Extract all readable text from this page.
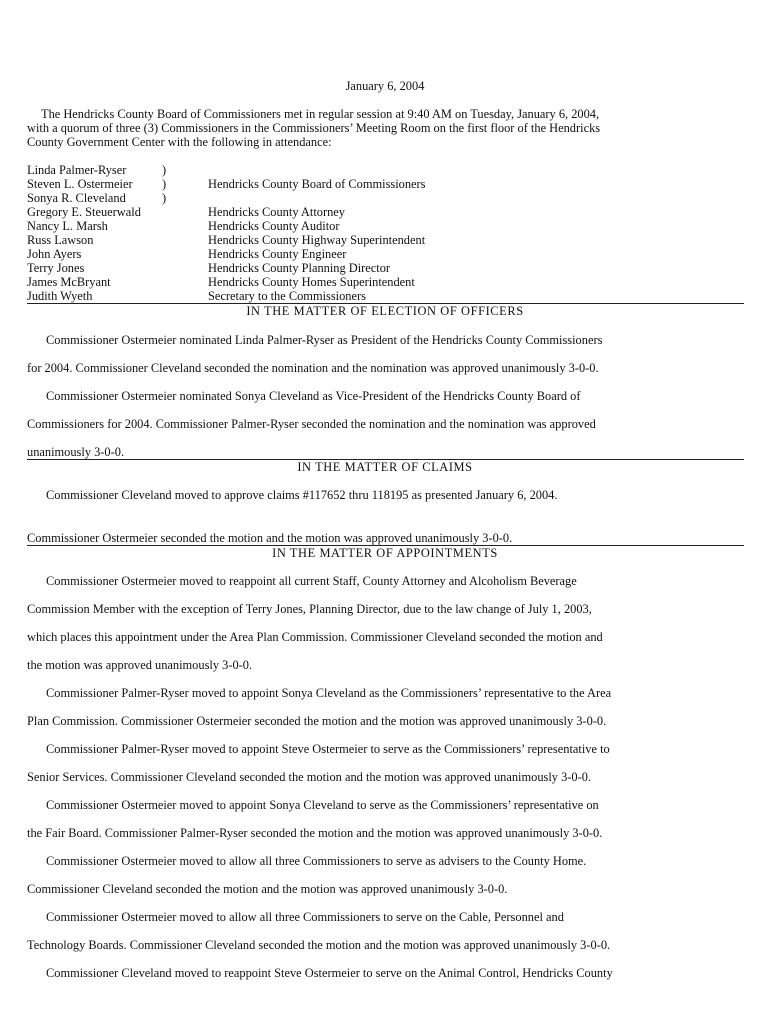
January 6, 2004
The Hendricks County Board of Commissioners met in regular session at 9:40 AM on Tuesday, January 6, 2004,
with a quorum of three (3) Commissioners in the Commissioners’ Meeting Room on the first floor of the Hendricks
County Government Center with the following in attendance:
Linda Palmer-Ryser	)
Steven L. Ostermeier )	Hendricks County Board of Commissioners
Sonya R. Cleveland	)
Gregory E. Steuerwald	Hendricks County Attorney
Nancy L. Marsh	Hendricks County Auditor
Russ Lawson	Hendricks County Highway Superintendent
John Ayers	Hendricks County Engineer
Terry Jones	Hendricks County Planning Director
James McBryant	Hendricks County Homes Superintendent
Judith Wyeth	Secretary to the Commissioners
IN THE MATTER OF ELECTION OF OFFICERS
Commissioner Ostermeier nominated Linda Palmer-Ryser as President of the Hendricks County Commissioners
for 2004. Commissioner Cleveland seconded the nomination and the nomination was approved unanimously 3-0-0.
Commissioner Ostermeier nominated Sonya Cleveland as Vice-President of the Hendricks County Board of
Commissioners for 2004. Commissioner Palmer-Ryser seconded the nomination and the nomination was approved
unanimously 3-0-0.
IN THE MATTER OF CLAIMS
Commissioner Cleveland moved to approve claims #117652 thru 118195 as presented January 6, 2004.
Commissioner Ostermeier seconded the motion and the motion was approved unanimously 3-0-0.
IN THE MATTER OF APPOINTMENTS
Commissioner Ostermeier moved to reappoint all current Staff, County Attorney and Alcoholism Beverage
Commission Member with the exception of Terry Jones, Planning Director, due to the law change of July 1, 2003,
which places this appointment under the Area Plan Commission. Commissioner Cleveland seconded the motion and
the motion was approved unanimously 3-0-0.
Commissioner Palmer-Ryser moved to appoint Sonya Cleveland as the Commissioners’ representative to the Area
Plan Commission. Commissioner Ostermeier seconded the motion and the motion was approved unanimously 3-0-0.
Commissioner Palmer-Ryser moved to appoint Steve Ostermeier to serve as the Commissioners’ representative to
Senior Services. Commissioner Cleveland seconded the motion and the motion was approved unanimously 3-0-0.
Commissioner Ostermeier moved to appoint Sonya Cleveland to serve as the Commissioners’ representative on
the Fair Board. Commissioner Palmer-Ryser seconded the motion and the motion was approved unanimously 3-0-0.
Commissioner Ostermeier moved to allow all three Commissioners to serve as advisers to the County Home.
Commissioner Cleveland seconded the motion and the motion was approved unanimously 3-0-0.
Commissioner Ostermeier moved to allow all three Commissioners to serve on the Cable, Personnel and
Technology Boards. Commissioner Cleveland seconded the motion and the motion was approved unanimously 3-0-0.
Commissioner Cleveland moved to reappoint Steve Ostermeier to serve on the Animal Control, Hendricks County
